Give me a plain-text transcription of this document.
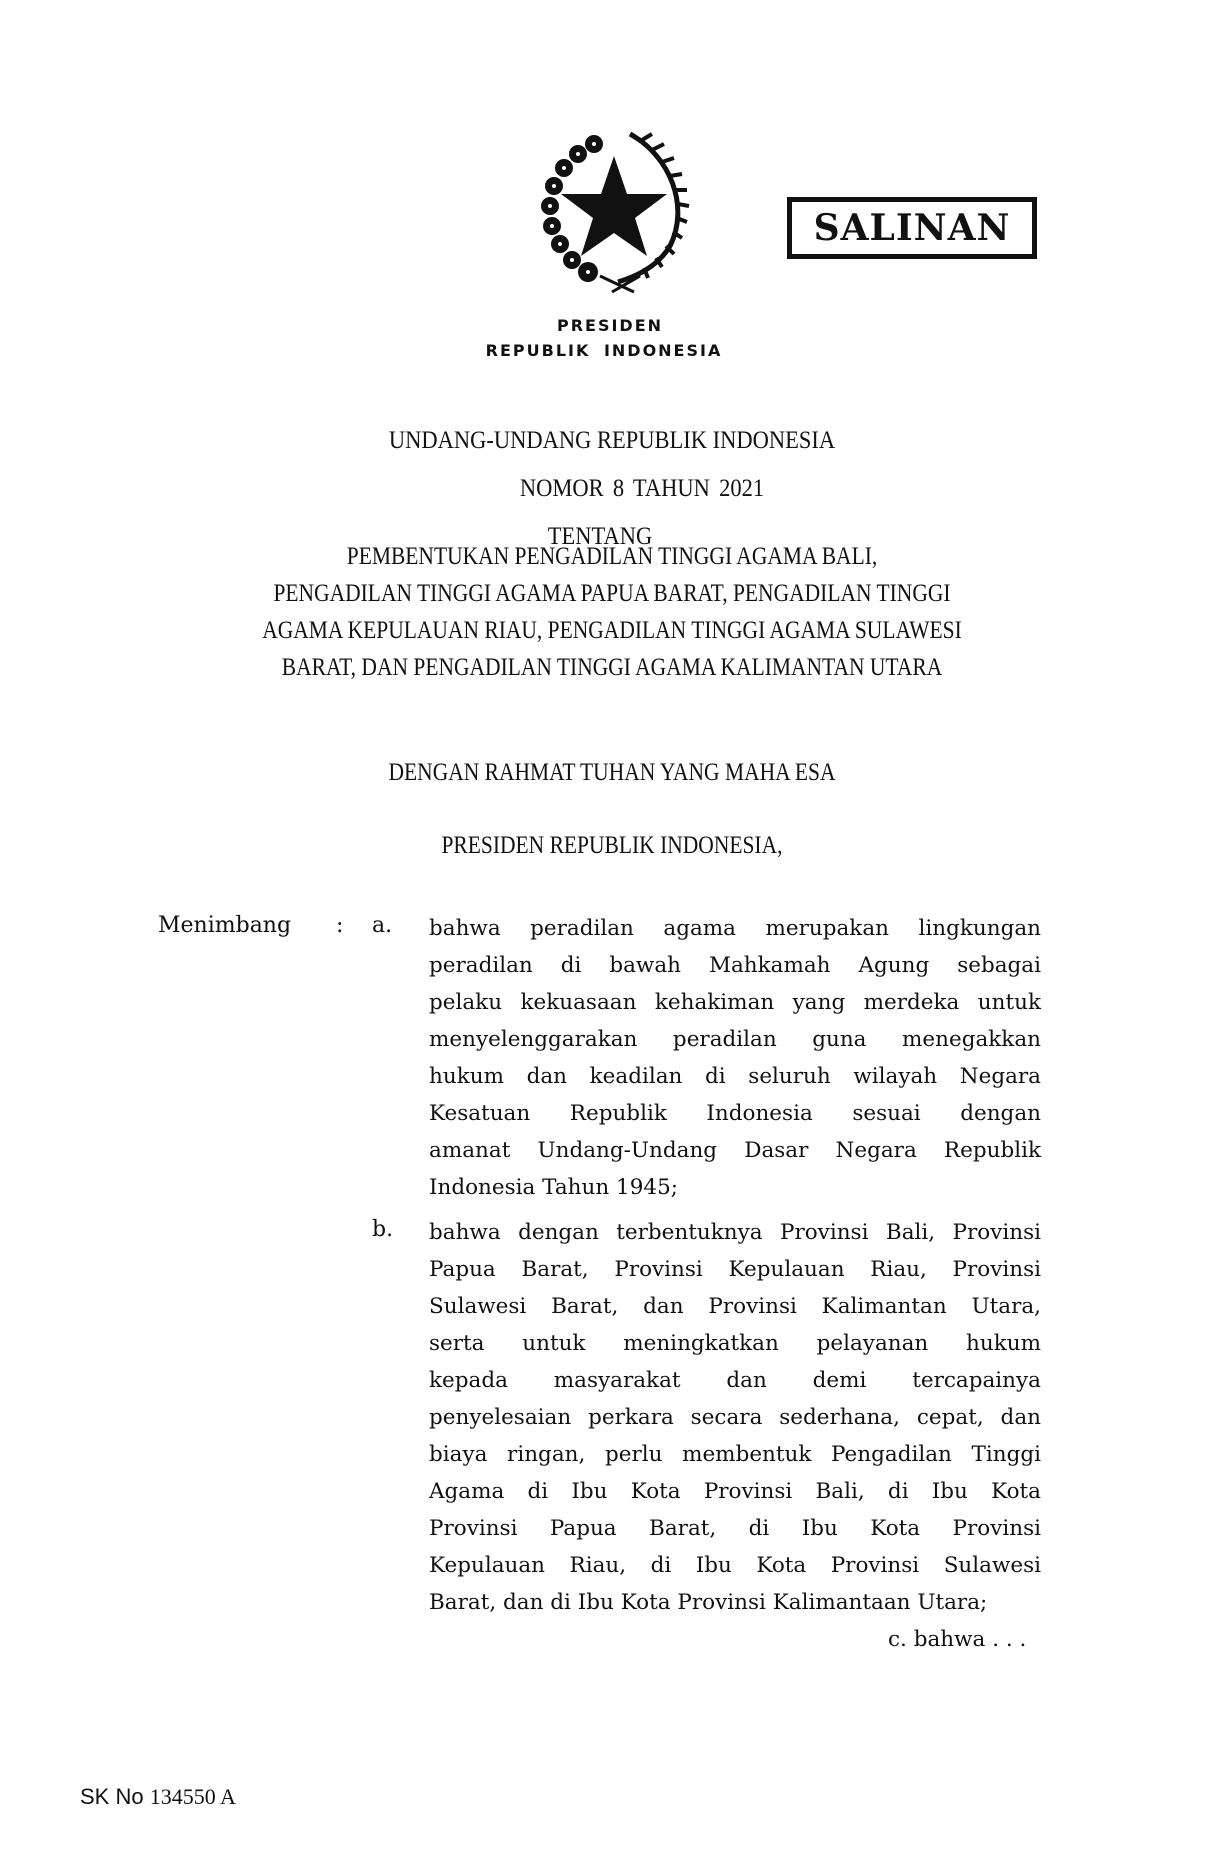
SALINAN
PRESIDEN
REPUBLIK INDONESIA
UNDANG-UNDANG REPUBLIK INDONESIA
NOMOR 8 TAHUN 2021
TENTANG
PEMBENTUKAN PENGADILAN TINGGI AGAMA BALI,
PENGADILAN TINGGI AGAMA PAPUA BARAT, PENGADILAN TINGGI
AGAMA KEPULAUAN RIAU, PENGADILAN TINGGI AGAMA SULAWESI
BARAT, DAN PENGADILAN TINGGI AGAMA KALIMANTAN UTARA
DENGAN RAHMAT TUHAN YANG MAHA ESA
PRESIDEN REPUBLIK INDONESIA,
Menimbang : a. bahwa peradilan agama merupakan lingkungan
peradilan di bawah Mahkamah Agung sebagai
pelaku kekuasaan kehakiman yang merdeka untuk
menyelenggarakan peradilan guna menegakkan
hukum dan keadilan di seluruh wilayah Negara
Kesatuan Republik Indonesia sesuai dengan
amanat Undang-Undang Dasar Negara Republik
Indonesia Tahun 1945;
b. bahwa dengan terbentuknya Provinsi Bali, Provinsi
Papua Barat, Provinsi Kepulauan Riau, Provinsi
Sulawesi Barat, dan Provinsi Kalimantan Utara,
serta untuk meningkatkan pelayanan hukum
kepada masyarakat dan demi tercapainya
penyelesaian perkara secara sederhana, cepat, dan
biaya ringan, perlu membentuk Pengadilan Tinggi
Agama di Ibu Kota Provinsi Bali, di Ibu Kota
Provinsi Papua Barat, di Ibu Kota Provinsi
Kepulauan Riau, di Ibu Kota Provinsi Sulawesi
Barat, dan di Ibu Kota Provinsi Kalimantaan Utara;
c. bahwa . . .
SK No 134550 A
